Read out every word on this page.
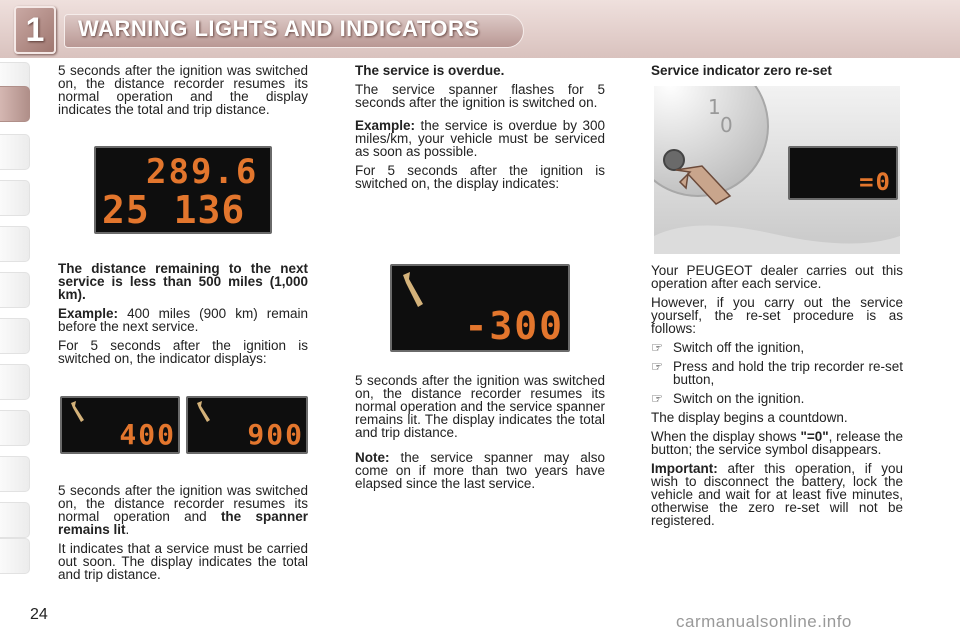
1	WARNING LIGHTS AND INDICATORS
5 seconds after the ignition was switched on, the distance recorder resumes its normal operation and the display indicates the total and trip distance.
289.6
25 136

The distance remaining to the next service is less than 500 miles (1,000 km).

Example: 400 miles (900 km) remain before the next service.

For 5 seconds after the ignition is switched on, the indicator displays:

400	900

5 seconds after the ignition was switched on, the distance recorder resumes its normal operation and the spanner remains lit.

It indicates that a service must be carried out soon. The display indicates the total and trip distance.

The service is overdue.

The service spanner flashes for 5 seconds after the ignition is switched on.

Example: the service is overdue by 300 miles/km, your vehicle must be serviced as soon as possible.

For 5 seconds after the ignition is switched on, the display indicates:

-300

5 seconds after the ignition was switched on, the distance recorder resumes its normal operation and the service spanner remains lit. The display indicates the total and trip distance.

Note: the service spanner may also come on if more than two years have elapsed since the last service.

Service indicator zero re-set

1
0
=0

Your PEUGEOT dealer carries out this operation after each service.

However, if you carry out the service yourself, the re-set procedure is as follows:

☞ Switch off the ignition,
☞ Press and hold the trip recorder re-set button,
☞ Switch on the ignition.

The display begins a countdown.

When the display shows "=0", release the button; the service symbol disappears.

Important: after this operation, if you wish to disconnect the battery, lock the vehicle and wait for at least five minutes, otherwise the zero re-set will not be registered.

24	carmanualsonline.info
